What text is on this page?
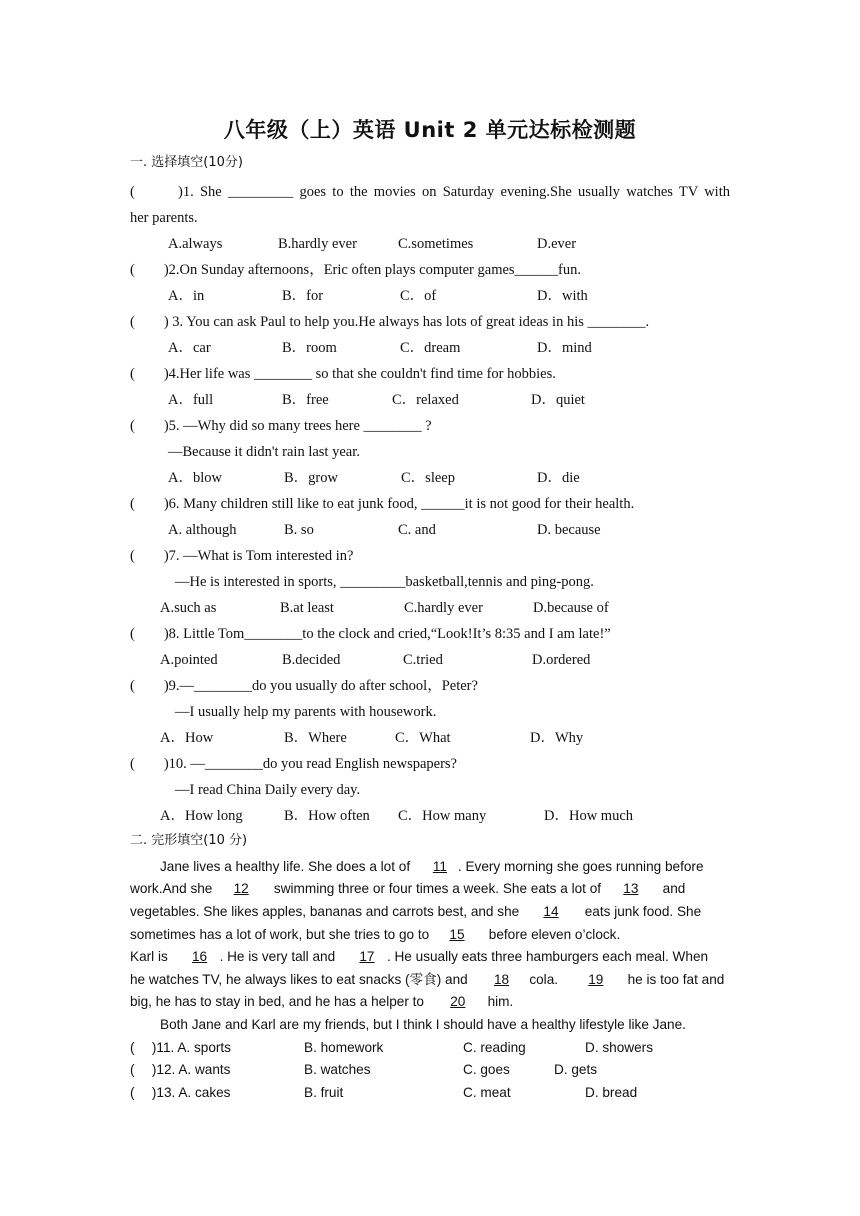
八年级（上）英语 Unit 2 单元达标检测题
一. 选择填空(10分)
(　　 )1. She _________ goes to the movies on Saturday evening.She usually watches TV with
her parents.
A.always	B.hardly ever	C.sometimes	D.ever
(　　)2.On Sunday afternoons，Eric often plays computer games______fun.
A．in	B．for	C．of	D．with
(　　) 3. You can ask Paul to help you.He always has lots of great ideas in his ________.
A．car	B．room	C．dream	D．mind
(　　)4.Her life was ________ so that she couldn't find time for hobbies.
A．full	B．free	C．relaxed	D．quiet
(　　)5. —Why did so many trees here ________ ?
—Because it didn't rain last year.
A．blow	B．grow	C．sleep	D．die
(　　)6. Many children still like to eat junk food, ______it is not good for their health.
A. although	B. so	C. and	D. because
(　　)7. —What is Tom interested in?
—He is interested in sports, _________basketball,tennis and ping-pong.
A.such as	B.at least	C.hardly ever	D.because of
(　　)8. Little Tom________to the clock and cried,“Look!It’s 8:35 and I am late!”
A.pointed	B.decided	C.tried	D.ordered
(　　)9.—________do you usually do after school，Peter?
—I usually help my parents with housework.
A．How	B．Where	C．What	D．Why
(　　)10. —________do you read English newspapers?
—I read China Daily every day.
A．How long	B．How often C．How many	D．How much
二. 完形填空(10 分)
Jane lives a healthy life. She does a lot of 11 . Every morning she goes running before
work.And she 12 swimming three or four times a week. She eats a lot of 13 and
vegetables. She likes apples, bananas and carrots best, and she 14 eats junk food. She
sometimes has a lot of work, but she tries to go to 15 before eleven o’clock.
Karl is 16 . He is very tall and 17 . He usually eats three hamburgers each meal. When
he watches TV, he always likes to eat snacks (零食) and 18 cola. 19 he is too fat and
big, he has to stay in bed, and he has a helper to 20 him.
Both Jane and Karl are my friends, but I think I should have a healthy lifestyle like Jane.
(　 )11. A. sports	B. homework	C. reading	D. showers
(　 )12. A. wants	B. watches	C. goes	D. gets
(　 )13. A. cakes	B. fruit	C. meat	D. bread
